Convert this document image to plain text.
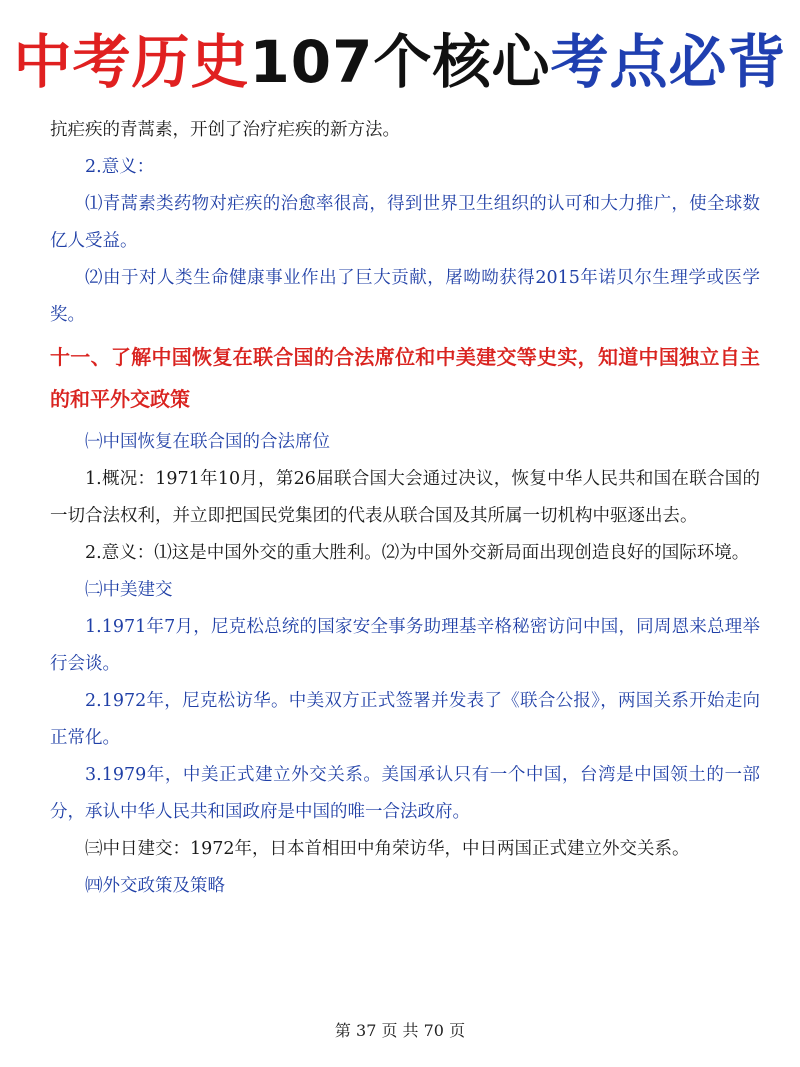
中考历史107个核心考点必背

抗疟疾的青蒿素，开创了治疗疟疾的新方法。

2.意义：

⑴青蒿素类药物对疟疾的治愈率很高，得到世界卫生组织的认可和大力推广，使全球数亿人受益。

⑵由于对人类生命健康事业作出了巨大贡献，屠呦呦获得2015年诺贝尔生理学或医学奖。

十一、了解中国恢复在联合国的合法席位和中美建交等史实，知道中国独立自主的和平外交政策

㈠中国恢复在联合国的合法席位

1.概况：1971年10月，第26届联合国大会通过决议，恢复中华人民共和国在联合国的一切合法权利，并立即把国民党集团的代表从联合国及其所属一切机构中驱逐出去。

2.意义：⑴这是中国外交的重大胜利。⑵为中国外交新局面出现创造良好的国际环境。

㈡中美建交

1.1971年7月，尼克松总统的国家安全事务助理基辛格秘密访问中国，同周恩来总理举行会谈。

2.1972年，尼克松访华。中美双方正式签署并发表了《联合公报》，两国关系开始走向正常化。

3.1979年，中美正式建立外交关系。美国承认只有一个中国，台湾是中国领土的一部分，承认中华人民共和国政府是中国的唯一合法政府。

㈢中日建交：1972年，日本首相田中角荣访华，中日两国正式建立外交关系。

㈣外交政策及策略

第 37 页 共 70 页
